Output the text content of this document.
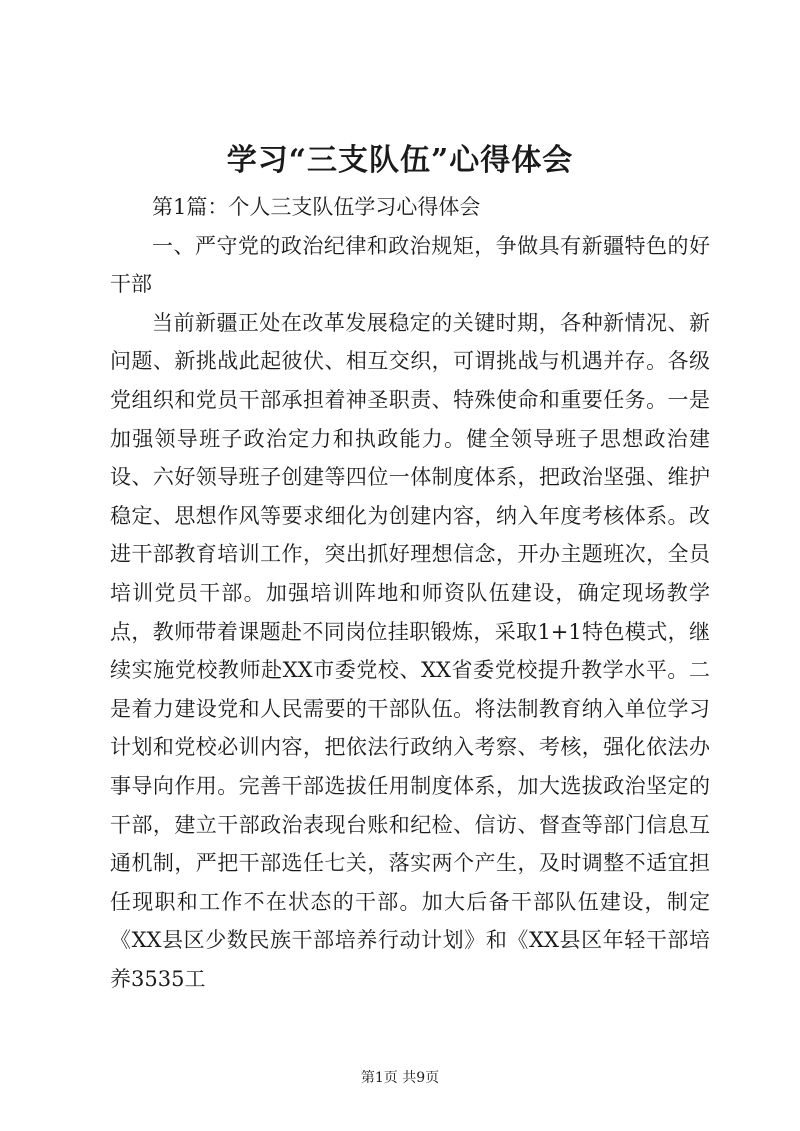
学习“三支队伍”心得体会

第1篇：个人三支队伍学习心得体会

一、严守党的政治纪律和政治规矩，争做具有新疆特色的好干部

当前新疆正处在改革发展稳定的关键时期，各种新情况、新问题、新挑战此起彼伏、相互交织，可谓挑战与机遇并存。各级党组织和党员干部承担着神圣职责、特殊使命和重要任务。一是加强领导班子政治定力和执政能力。健全领导班子思想政治建设、六好领导班子创建等四位一体制度体系，把政治坚强、维护稳定、思想作风等要求细化为创建内容，纳入年度考核体系。改进干部教育培训工作，突出抓好理想信念，开办主题班次，全员培训党员干部。加强培训阵地和师资队伍建设，确定现场教学点，教师带着课题赴不同岗位挂职锻炼，采取1+1特色模式，继续实施党校教师赴XX市委党校、XX省委党校提升教学水平。二是着力建设党和人民需要的干部队伍。将法制教育纳入单位学习计划和党校必训内容，把依法行政纳入考察、考核，强化依法办事导向作用。完善干部选拔任用制度体系，加大选拔政治坚定的干部，建立干部政治表现台账和纪检、信访、督查等部门信息互通机制，严把干部选任七关，落实两个产生，及时调整不适宜担任现职和工作不在状态的干部。加大后备干部队伍建设，制定《XX县区少数民族干部培养行动计划》和《XX县区年轻干部培养3535工

第1页 共9页
